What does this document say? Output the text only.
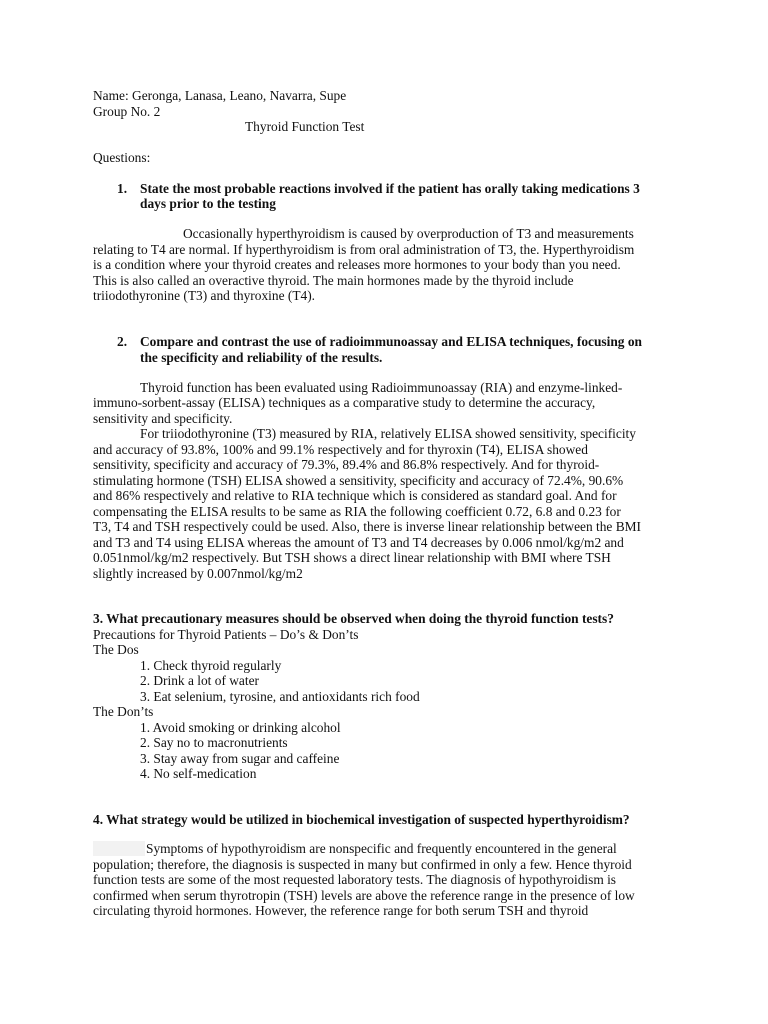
Name: Geronga, Lanasa, Leano, Navarra, Supe
Group No. 2
Thyroid Function Test
Questions:
1. State the most probable reactions involved if the patient has orally taking medications 3
days prior to the testing
Occasionally hyperthyroidism is caused by overproduction of T3 and measurements
relating to T4 are normal. If hyperthyroidism is from oral administration of T3, the. Hyperthyroidism
is a condition where your thyroid creates and releases more hormones to your body than you need.
This is also called an overactive thyroid. The main hormones made by the thyroid include
triiodothyronine (T3) and thyroxine (T4).
2. Compare and contrast the use of radioimmunoassay and ELISA techniques, focusing on
the specificity and reliability of the results.
Thyroid function has been evaluated using Radioimmunoassay (RIA) and enzyme-linked-
immuno-sorbent-assay (ELISA) techniques as a comparative study to determine the accuracy,
sensitivity and specificity.
For triiodothyronine (T3) measured by RIA, relatively ELISA showed sensitivity, specificity
and accuracy of 93.8%, 100% and 99.1% respectively and for thyroxin (T4), ELISA showed
sensitivity, specificity and accuracy of 79.3%, 89.4% and 86.8% respectively. And for thyroid-
stimulating hormone (TSH) ELISA showed a sensitivity, specificity and accuracy of 72.4%, 90.6%
and 86% respectively and relative to RIA technique which is considered as standard goal. And for
compensating the ELISA results to be same as RIA the following coefficient 0.72, 6.8 and 0.23 for
T3, T4 and TSH respectively could be used. Also, there is inverse linear relationship between the BMI
and T3 and T4 using ELISA whereas the amount of T3 and T4 decreases by 0.006 nmol/kg/m2 and
0.051nmol/kg/m2 respectively. But TSH shows a direct linear relationship with BMI where TSH
slightly increased by 0.007nmol/kg/m2
3. What precautionary measures should be observed when doing the thyroid function tests?
Precautions for Thyroid Patients – Do’s & Don’ts
The Dos
1. Check thyroid regularly
2. Drink a lot of water
3. Eat selenium, tyrosine, and antioxidants rich food
The Don’ts
1. Avoid smoking or drinking alcohol
2. Say no to macronutrients
3. Stay away from sugar and caffeine
4. No self-medication
4. What strategy would be utilized in biochemical investigation of suspected hyperthyroidism?
Symptoms of hypothyroidism are nonspecific and frequently encountered in the general
population; therefore, the diagnosis is suspected in many but confirmed in only a few. Hence thyroid
function tests are some of the most requested laboratory tests. The diagnosis of hypothyroidism is
confirmed when serum thyrotropin (TSH) levels are above the reference range in the presence of low
circulating thyroid hormones. However, the reference range for both serum TSH and thyroid
